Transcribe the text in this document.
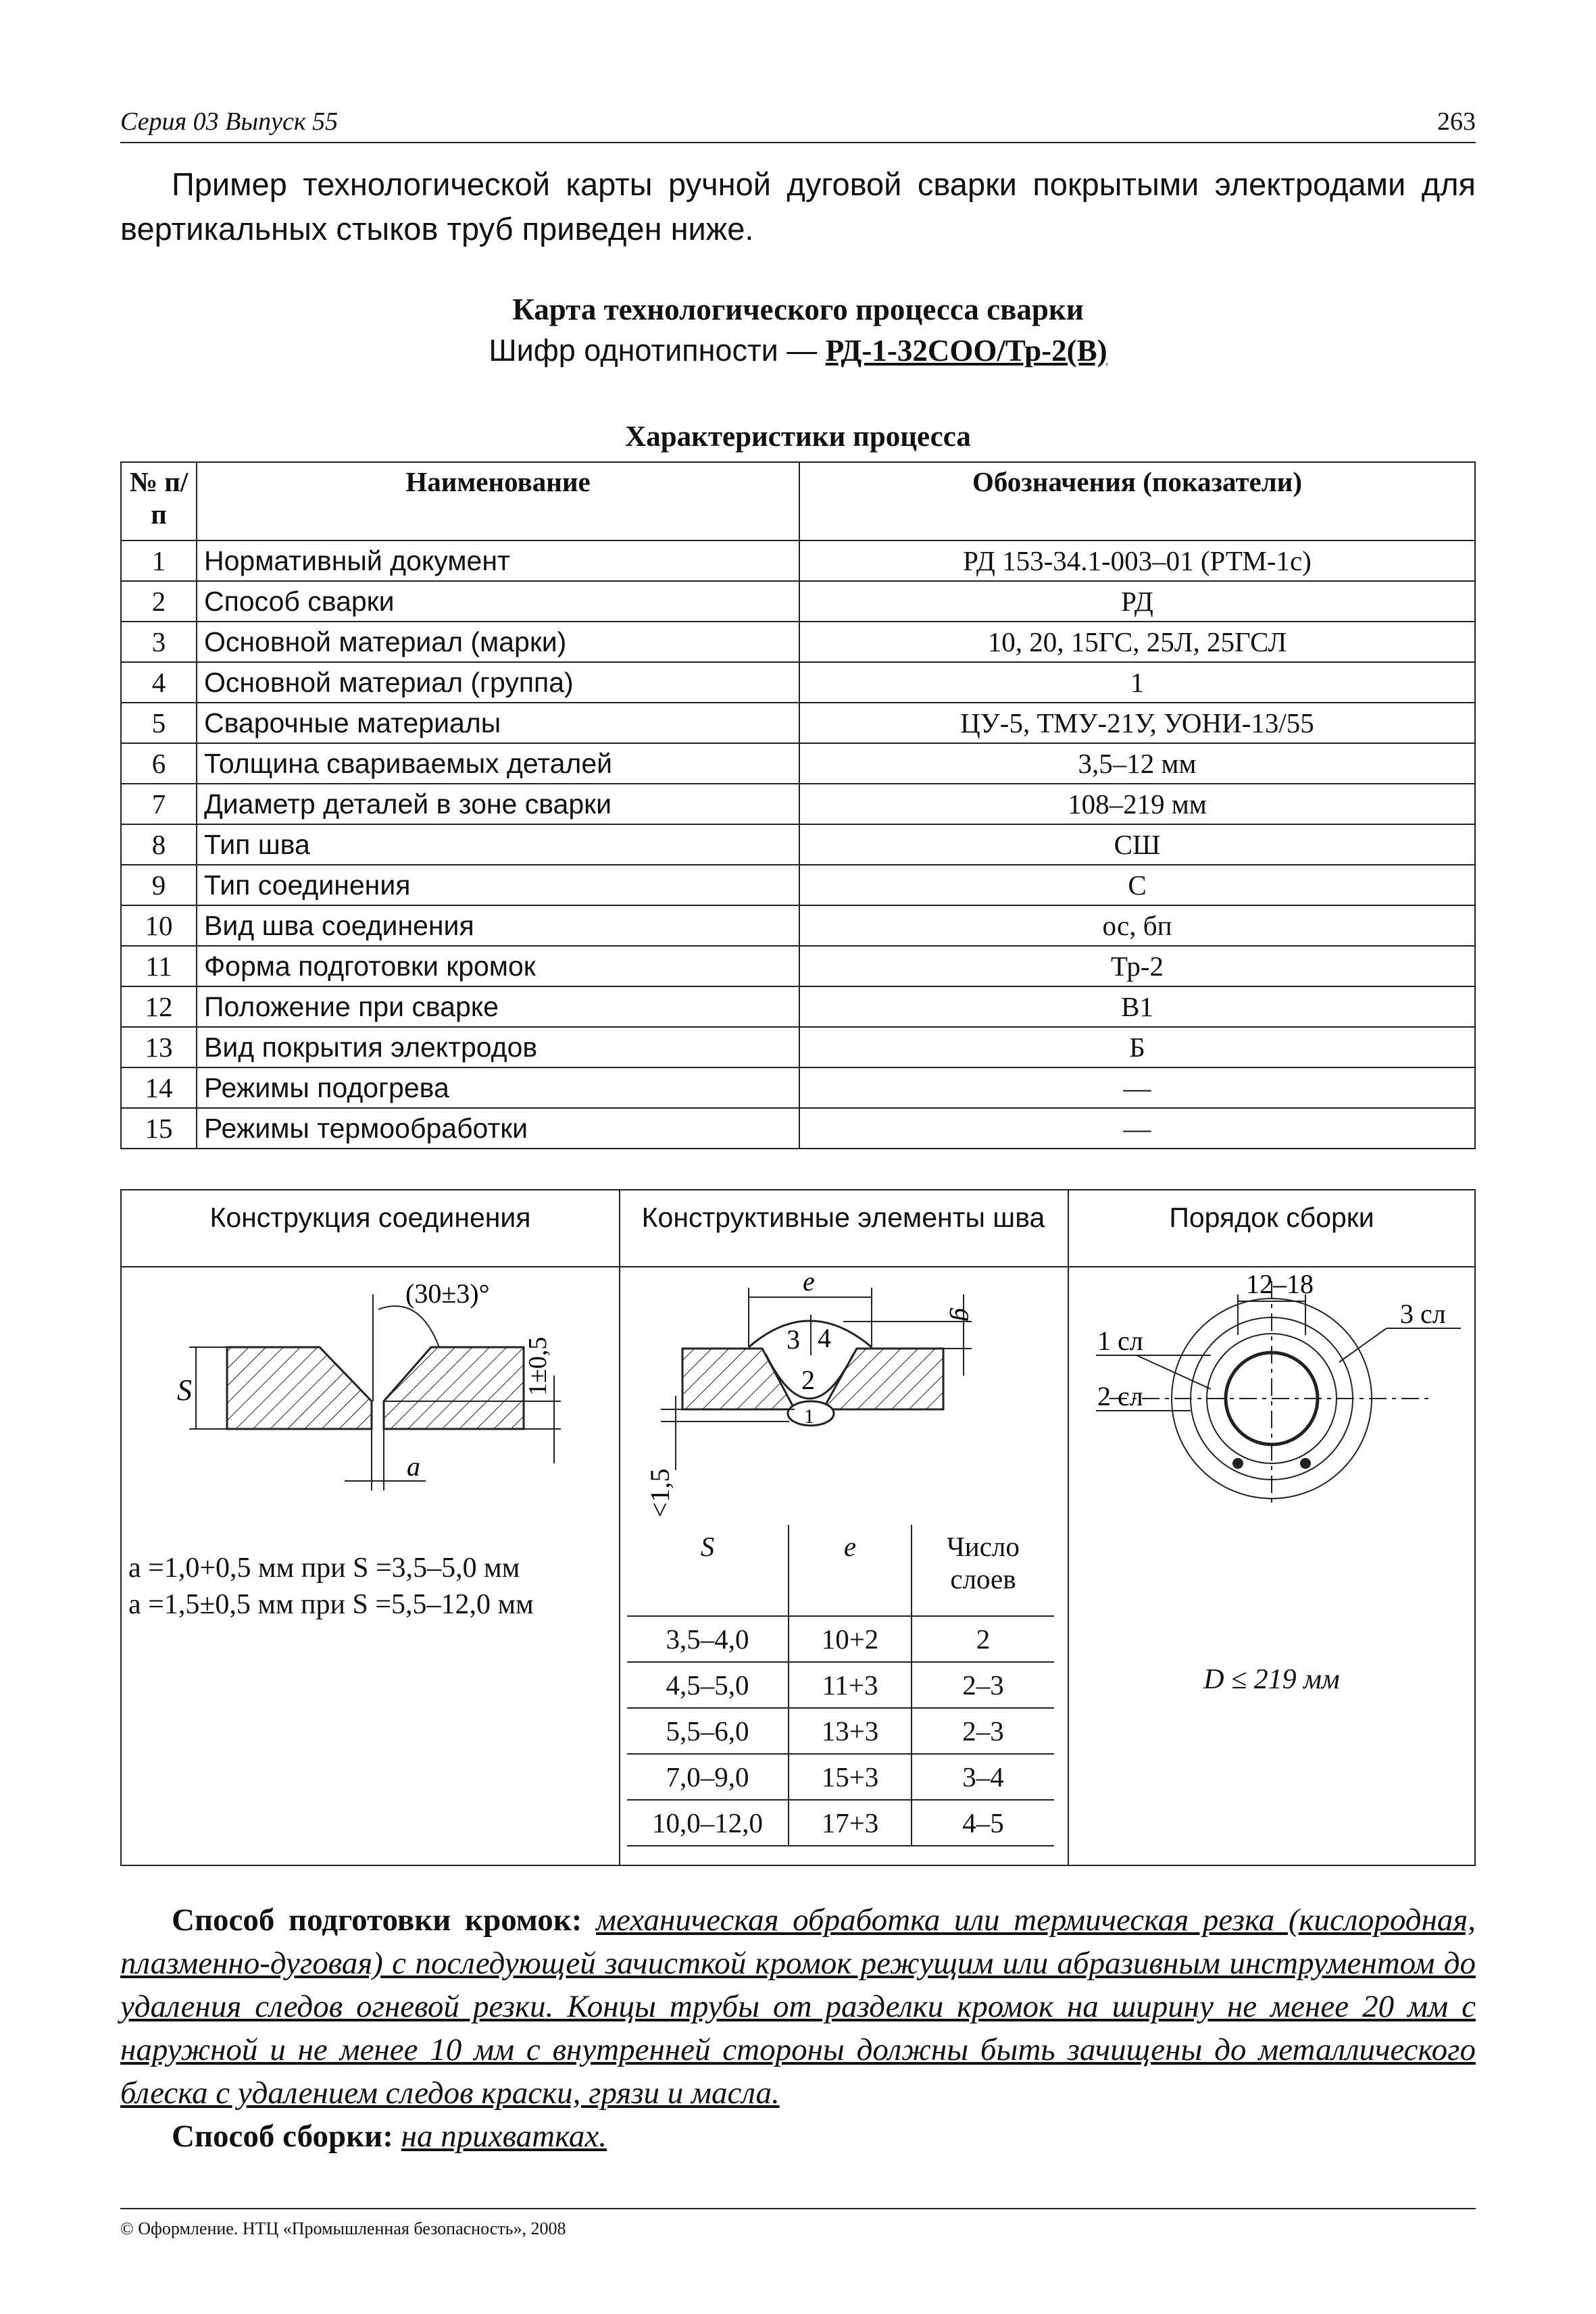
Серия 03 Выпуск 55	263
Пример технологической карты ручной дуговой сварки покрытыми электродами для вертикальных стыков труб приведен ниже.
Карта технологического процесса сварки
Шифр однотипности — РД-1-32СОО/Тр-2(В)
Характеристики процесса
№ п/п	Наименование	Обозначения (показатели)
1	Нормативный документ	РД 153-34.1-003–01 (РТМ-1с)
2	Способ сварки	РД
3	Основной материал (марки)	10, 20, 15ГС, 25Л, 25ГСЛ
4	Основной материал (группа)	1
5	Сварочные материалы	ЦУ-5, ТМУ-21У, УОНИ-13/55
6	Толщина свариваемых деталей	3,5–12 мм
7	Диаметр деталей в зоне сварки	108–219 мм
8	Тип шва	СШ
9	Тип соединения	С
10	Вид шва соединения	ос, бп
11	Форма подготовки кромок	Тр-2
12	Положение при сварке	В1
13	Вид покрытия электродов	Б
14	Режимы подогрева	—
15	Режимы термообработки	—
Конструкция соединения	Конструктивные элементы шва	Порядок сборки
S
a
1±0,5
(30±3)°
a =1,0+0,5 мм при S =3,5–5,0 мм
a =1,5±0,5 мм при S =5,5–12,0 мм
3 4
2
1
e
g
<1,5
S	e	Число слоев
3,5–4,0	10+2	2
4,5–5,0	11+3	2–3
5,5–6,0	13+3	2–3
7,0–9,0	15+3	3–4
10,0–12,0	17+3	4–5
12–18
1 сл
2 сл
3 сл
D ≤ 219 мм
Способ подготовки кромок: механическая обработка или термическая резка (кислородная, плазменно-дуговая) с последующей зачисткой кромок режущим или абразивным инструментом до удаления следов огневой резки. Концы трубы от разделки кромок на ширину не менее 20 мм с наружной и не менее 10 мм с внутренней стороны должны быть зачищены до металлического блеска с удалением следов краски, грязи и масла.
Способ сборки: на прихватках.
© Оформление. НТЦ «Промышленная безопасность», 2008
